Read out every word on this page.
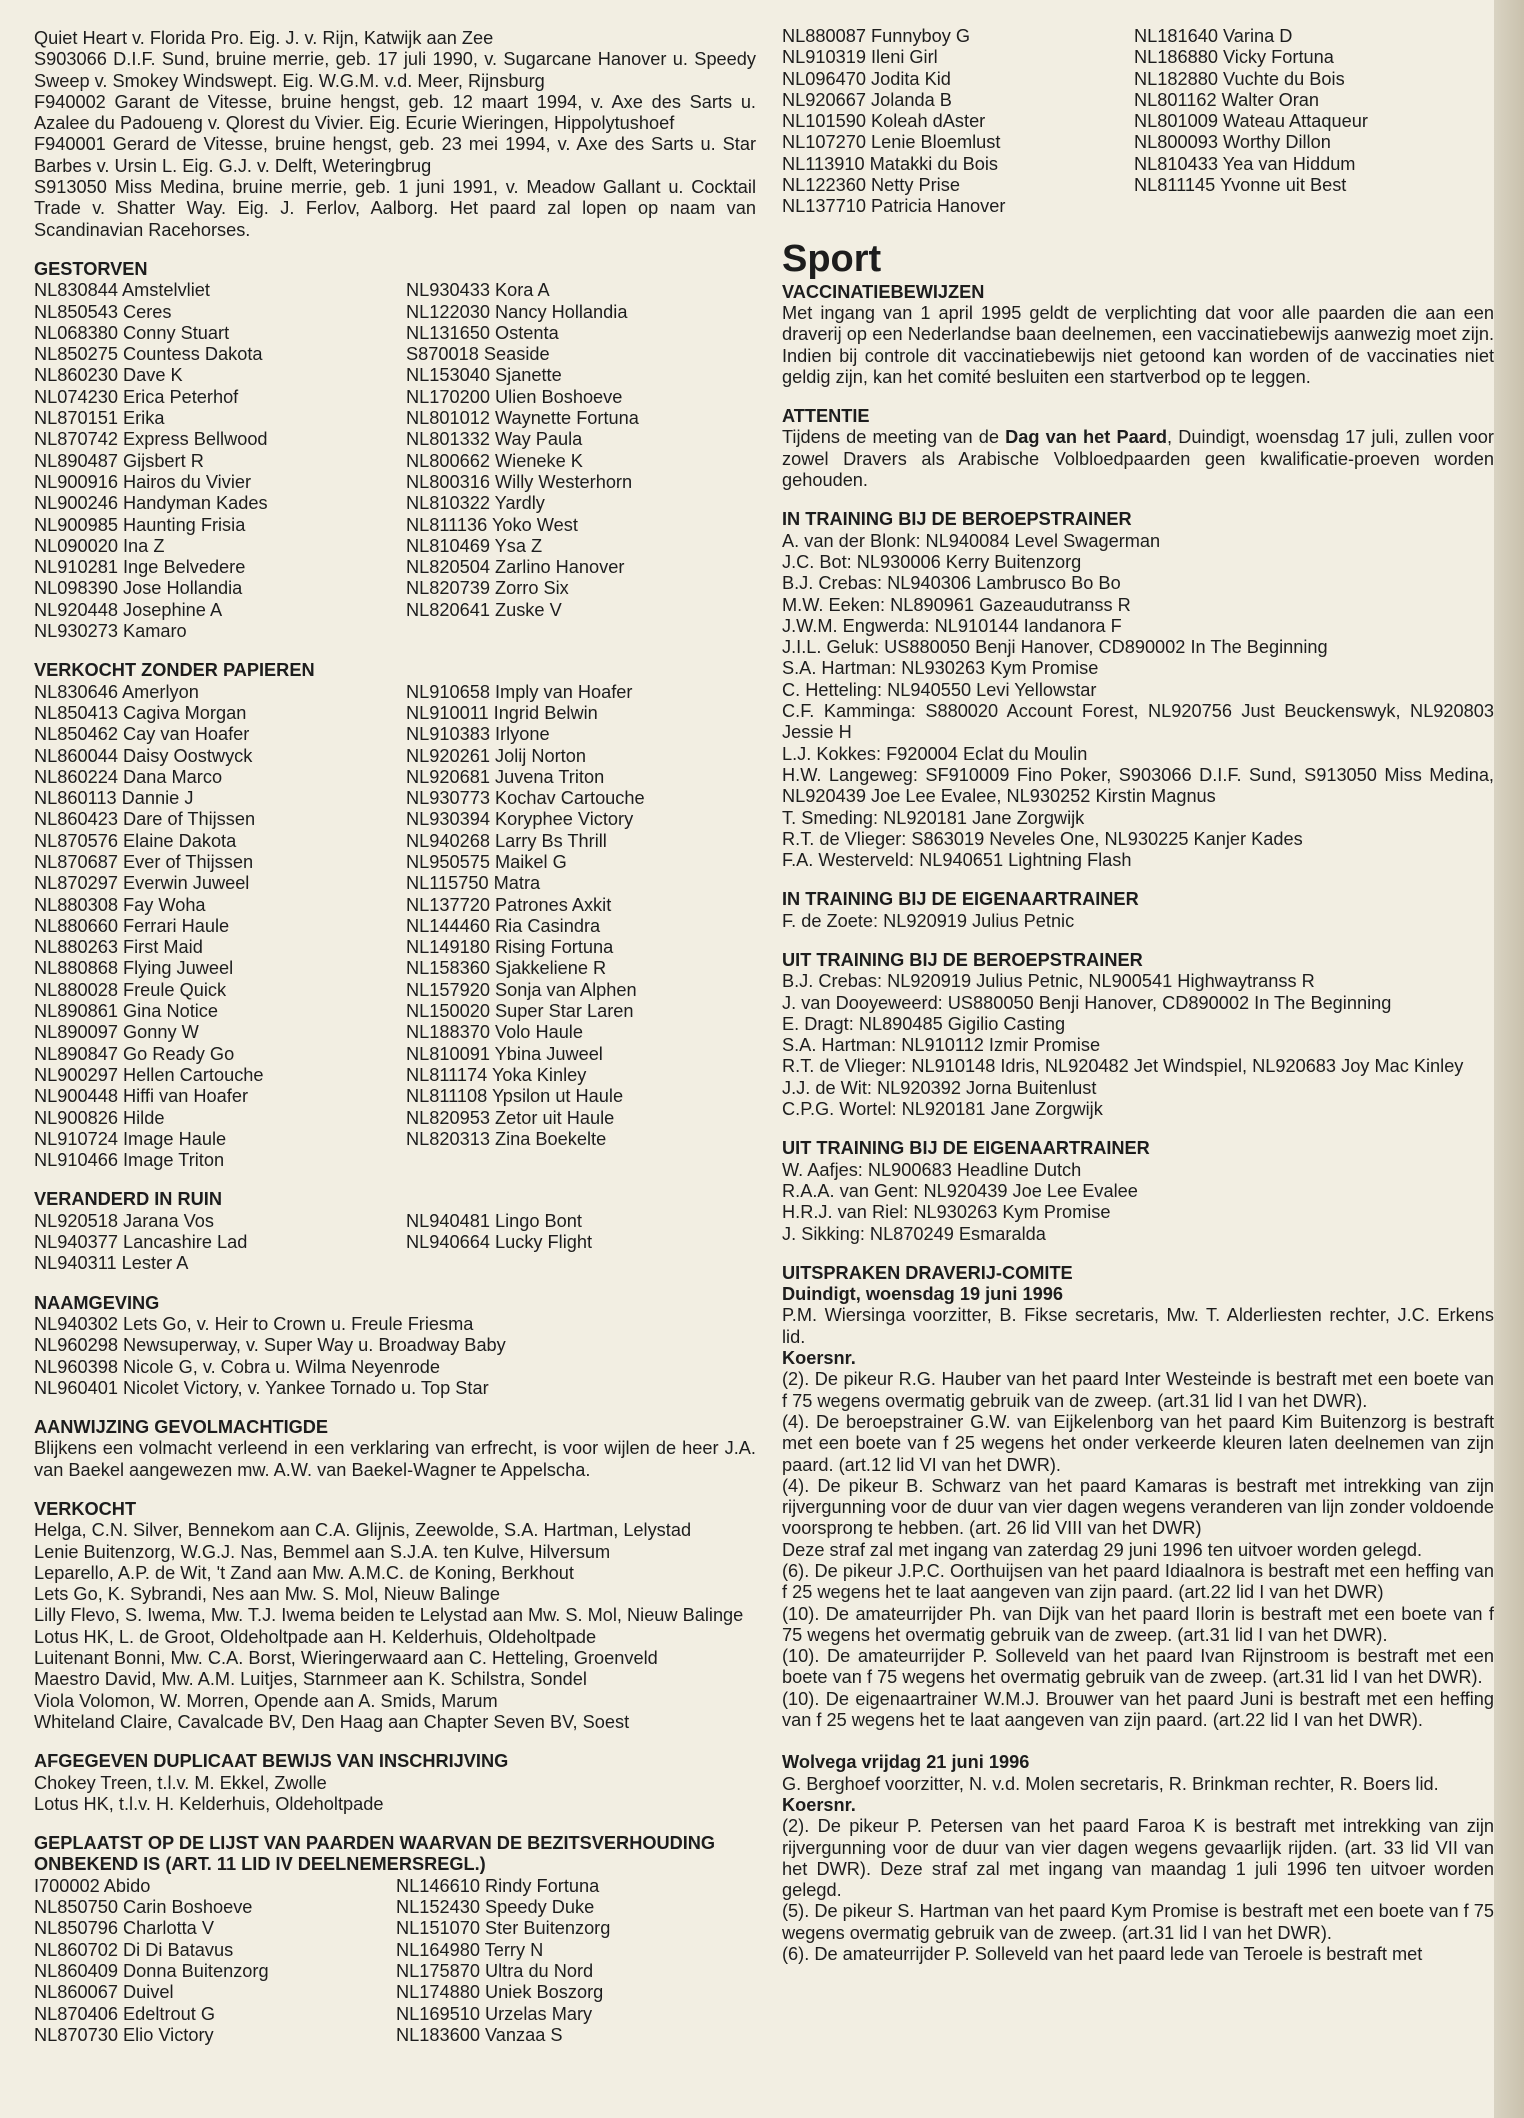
Quiet Heart v. Florida Pro. Eig. J. v. Rijn, Katwijk aan Zee

S903066 D.I.F. Sund, bruine merrie, geb. 17 juli 1990, v. Sugarcane Hanover u. Speedy Sweep v. Smokey Windswept. Eig. W.G.M. v.d. Meer, Rijnsburg

F940002 Garant de Vitesse, bruine hengst, geb. 12 maart 1994, v. Axe des Sarts u. Azalee du Padoueng v. Qlorest du Vivier. Eig. Ecurie Wieringen, Hippolytushoef

F940001 Gerard de Vitesse, bruine hengst, geb. 23 mei 1994, v. Axe des Sarts u. Star Barbes v. Ursin L. Eig. G.J. v. Delft, Weteringbrug

S913050 Miss Medina, bruine merrie, geb. 1 juni 1991, v. Meadow Gallant u. Cocktail Trade v. Shatter Way. Eig. J. Ferlov, Aalborg. Het paard zal lopen op naam van Scandinavian Racehorses.

GESTORVEN
NL830844 Amstelvliet
NL850543 Ceres
NL068380 Conny Stuart
NL850275 Countess Dakota
NL860230 Dave K
NL074230 Erica Peterhof
NL870151 Erika
NL870742 Express Bellwood
NL890487 Gijsbert R
NL900916 Hairos du Vivier
NL900246 Handyman Kades
NL900985 Haunting Frisia
NL090020 Ina Z
NL910281 Inge Belvedere
NL098390 Jose Hollandia
NL920448 Josephine A
NL930273 Kamaro
NL930433 Kora A
NL122030 Nancy Hollandia
NL131650 Ostenta
S870018 Seaside
NL153040 Sjanette
NL170200 Ulien Boshoeve
NL801012 Waynette Fortuna
NL801332 Way Paula
NL800662 Wieneke K
NL800316 Willy Westerhorn
NL810322 Yardly
NL811136 Yoko West
NL810469 Ysa Z
NL820504 Zarlino Hanover
NL820739 Zorro Six
NL820641 Zuske V
VERKOCHT ZONDER PAPIEREN
NL830646 Amerlyon
NL850413 Cagiva Morgan
NL850462 Cay van Hoafer
NL860044 Daisy Oostwyck
NL860224 Dana Marco
NL860113 Dannie J
NL860423 Dare of Thijssen
NL870576 Elaine Dakota
NL870687 Ever of Thijssen
NL870297 Everwin Juweel
NL880308 Fay Woha
NL880660 Ferrari Haule
NL880263 First Maid
NL880868 Flying Juweel
NL880028 Freule Quick
NL890861 Gina Notice
NL890097 Gonny W
NL890847 Go Ready Go
NL900297 Hellen Cartouche
NL900448 Hiffi van Hoafer
NL900826 Hilde
NL910724 Image Haule
NL910466 Image Triton
NL910658 Imply van Hoafer
NL910011 Ingrid Belwin
NL910383 Irlyone
NL920261 Jolij Norton
NL920681 Juvena Triton
NL930773 Kochav Cartouche
NL930394 Koryphee Victory
NL940268 Larry Bs Thrill
NL950575 Maikel G
NL115750 Matra
NL137720 Patrones Axkit
NL144460 Ria Casindra
NL149180 Rising Fortuna
NL158360 Sjakkeliene R
NL157920 Sonja van Alphen
NL150020 Super Star Laren
NL188370 Volo Haule
NL810091 Ybina Juweel
NL811174 Yoka Kinley
NL811108 Ypsilon ut Haule
NL820953 Zetor uit Haule
NL820313 Zina Boekelte
VERANDERD IN RUIN
NL920518 Jarana Vos
NL940377 Lancashire Lad
NL940311 Lester A
NL940481 Lingo Bont
NL940664 Lucky Flight
NAAMGEVING
NL940302 Lets Go, v. Heir to Crown u. Freule Friesma
NL960298 Newsuperway, v. Super Way u. Broadway Baby
NL960398 Nicole G, v. Cobra u. Wilma Neyenrode
NL960401 Nicolet Victory, v. Yankee Tornado u. Top Star
AANWIJZING GEVOLMACHTIGDE

Blijkens een volmacht verleend in een verklaring van erfrecht, is voor wijlen de heer J.A. van Baekel aangewezen mw. A.W. van Baekel-Wagner te Appelscha.

VERKOCHT

Helga, C.N. Silver, Bennekom aan C.A. Glijnis, Zeewolde, S.A. Hartman, Lelystad

Lenie Buitenzorg, W.G.J. Nas, Bemmel aan S.J.A. ten Kulve, Hilversum

Leparello, A.P. de Wit, 't Zand aan Mw. A.M.C. de Koning, Berkhout

Lets Go, K. Sybrandi, Nes aan Mw. S. Mol, Nieuw Balinge

Lilly Flevo, S. Iwema, Mw. T.J. Iwema beiden te Lelystad aan Mw. S. Mol, Nieuw Balinge

Lotus HK, L. de Groot, Oldeholtpade aan H. Kelderhuis, Oldeholtpade

Luitenant Bonni, Mw. C.A. Borst, Wieringerwaard aan C. Hetteling, Groenveld

Maestro David, Mw. A.M. Luitjes, Starnmeer aan K. Schilstra, Sondel

Viola Volomon, W. Morren, Opende aan A. Smids, Marum

Whiteland Claire, Cavalcade BV, Den Haag aan Chapter Seven BV, Soest

AFGEGEVEN DUPLICAAT BEWIJS VAN INSCHRIJVING
Chokey Treen, t.l.v. M. Ekkel, Zwolle
Lotus HK, t.l.v. H. Kelderhuis, Oldeholtpade
GEPLAATST OP DE LIJST VAN PAARDEN WAARVAN DE BEZITSVERHOUDING ONBEKEND IS (ART. 11 LID IV DEELNEMERSREGL.)
I700002 Abido
NL850750 Carin Boshoeve
NL850796 Charlotta V
NL860702 Di Di Batavus
NL860409 Donna Buitenzorg
NL860067 Duivel
NL870406 Edeltrout G
NL870730 Elio Victory
NL146610 Rindy Fortuna
NL152430 Speedy Duke
NL151070 Ster Buitenzorg
NL164980 Terry N
NL175870 Ultra du Nord
NL174880 Uniek Boszorg
NL169510 Urzelas Mary
NL183600 Vanzaa S
NL880087 Funnyboy G
NL910319 Ileni Girl
NL096470 Jodita Kid
NL920667 Jolanda B
NL101590 Koleah dAster
NL107270 Lenie Bloemlust
NL113910 Matakki du Bois
NL122360 Netty Prise
NL137710 Patricia Hanover
NL181640 Varina D
NL186880 Vicky Fortuna
NL182880 Vuchte du Bois
NL801162 Walter Oran
NL801009 Wateau Attaqueur
NL800093 Worthy Dillon
NL810433 Yea van Hiddum
NL811145 Yvonne uit Best
Sport
VACCINATIEBEWIJZEN

Met ingang van 1 april 1995 geldt de verplichting dat voor alle paarden die aan een draverij op een Nederlandse baan deelnemen, een vaccinatiebewijs aanwezig moet zijn. Indien bij controle dit vaccinatiebewijs niet getoond kan worden of de vaccinaties niet geldig zijn, kan het comité besluiten een startverbod op te leggen.

ATTENTIE

Tijdens de meeting van de Dag van het Paard, Duindigt, woensdag 17 juli, zullen voor zowel Dravers als Arabische Volbloedpaarden geen kwalificatie-proeven worden gehouden.

IN TRAINING BIJ DE BEROEPSTRAINER

A. van der Blonk: NL940084 Level Swagerman

J.C. Bot: NL930006 Kerry Buitenzorg

B.J. Crebas: NL940306 Lambrusco Bo Bo

M.W. Eeken: NL890961 Gazeaudutranss R

J.W.M. Engwerda: NL910144 Iandanora F

J.I.L. Geluk: US880050 Benji Hanover, CD890002 In The Beginning

S.A. Hartman: NL930263 Kym Promise

C. Hetteling: NL940550 Levi Yellowstar

C.F. Kamminga: S880020 Account Forest, NL920756 Just Beuckenswyk, NL920803 Jessie H

L.J. Kokkes: F920004 Eclat du Moulin

H.W. Langeweg: SF910009 Fino Poker, S903066 D.I.F. Sund, S913050 Miss Medina, NL920439 Joe Lee Evalee, NL930252 Kirstin Magnus

T. Smeding: NL920181 Jane Zorgwijk

R.T. de Vlieger: S863019 Neveles One, NL930225 Kanjer Kades

F.A. Westerveld: NL940651 Lightning Flash

IN TRAINING BIJ DE EIGENAARTRAINER

F. de Zoete: NL920919 Julius Petnic

UIT TRAINING BIJ DE BEROEPSTRAINER

B.J. Crebas: NL920919 Julius Petnic, NL900541 Highwaytranss R

J. van Dooyeweerd: US880050 Benji Hanover, CD890002 In The Beginning

E. Dragt: NL890485 Gigilio Casting

S.A. Hartman: NL910112 Izmir Promise

R.T. de Vlieger: NL910148 Idris, NL920482 Jet Windspiel, NL920683 Joy Mac Kinley

J.J. de Wit: NL920392 Jorna Buitenlust

C.P.G. Wortel: NL920181 Jane Zorgwijk

UIT TRAINING BIJ DE EIGENAARTRAINER

W. Aafjes: NL900683 Headline Dutch

R.A.A. van Gent: NL920439 Joe Lee Evalee

H.R.J. van Riel: NL930263 Kym Promise

J. Sikking: NL870249 Esmaralda

UITSPRAKEN DRAVERIJ-COMITE
Duindigt, woensdag 19 juni 1996

P.M. Wiersinga voorzitter, B. Fikse secretaris, Mw. T. Alderliesten rechter, J.C. Erkens lid.

Koersnr.

(2). De pikeur R.G. Hauber van het paard Inter Westeinde is bestraft met een boete van f 75 wegens overmatig gebruik van de zweep. (art.31 lid I van het DWR).

(4). De beroepstrainer G.W. van Eijkelenborg van het paard Kim Buitenzorg is bestraft met een boete van f 25 wegens het onder verkeerde kleuren laten deelnemen van zijn paard. (art.12 lid VI van het DWR).

(4). De pikeur B. Schwarz van het paard Kamaras is bestraft met intrekking van zijn rijvergunning voor de duur van vier dagen wegens veranderen van lijn zonder voldoende voorsprong te hebben. (art. 26 lid VIII van het DWR)

Deze straf zal met ingang van zaterdag 29 juni 1996 ten uitvoer worden gelegd.

(6). De pikeur J.P.C. Oorthuijsen van het paard Idiaalnora is bestraft met een heffing van f 25 wegens het te laat aangeven van zijn paard. (art.22 lid I van het DWR)

(10). De amateurrijder Ph. van Dijk van het paard Ilorin is bestraft met een boete van f 75 wegens het overmatig gebruik van de zweep. (art.31 lid I van het DWR).

(10). De amateurrijder P. Solleveld van het paard Ivan Rijnstroom is bestraft met een boete van f 75 wegens het overmatig gebruik van de zweep. (art.31 lid I van het DWR).

(10). De eigenaartrainer W.M.J. Brouwer van het paard Juni is bestraft met een heffing van f 25 wegens het te laat aangeven van zijn paard. (art.22 lid I van het DWR).

Wolvega vrijdag 21 juni 1996

G. Berghoef voorzitter, N. v.d. Molen secretaris, R. Brinkman rechter, R. Boers lid.

Koersnr.

(2). De pikeur P. Petersen van het paard Faroa K is bestraft met intrekking van zijn rijvergunning voor de duur van vier dagen wegens gevaarlijk rijden. (art. 33 lid VII van het DWR). Deze straf zal met ingang van maandag 1 juli 1996 ten uitvoer worden gelegd.

(5). De pikeur S. Hartman van het paard Kym Promise is bestraft met een boete van f 75 wegens overmatig gebruik van de zweep. (art.31 lid I van het DWR).

(6). De amateurrijder P. Solleveld van het paard lede van Teroele is bestraft met
